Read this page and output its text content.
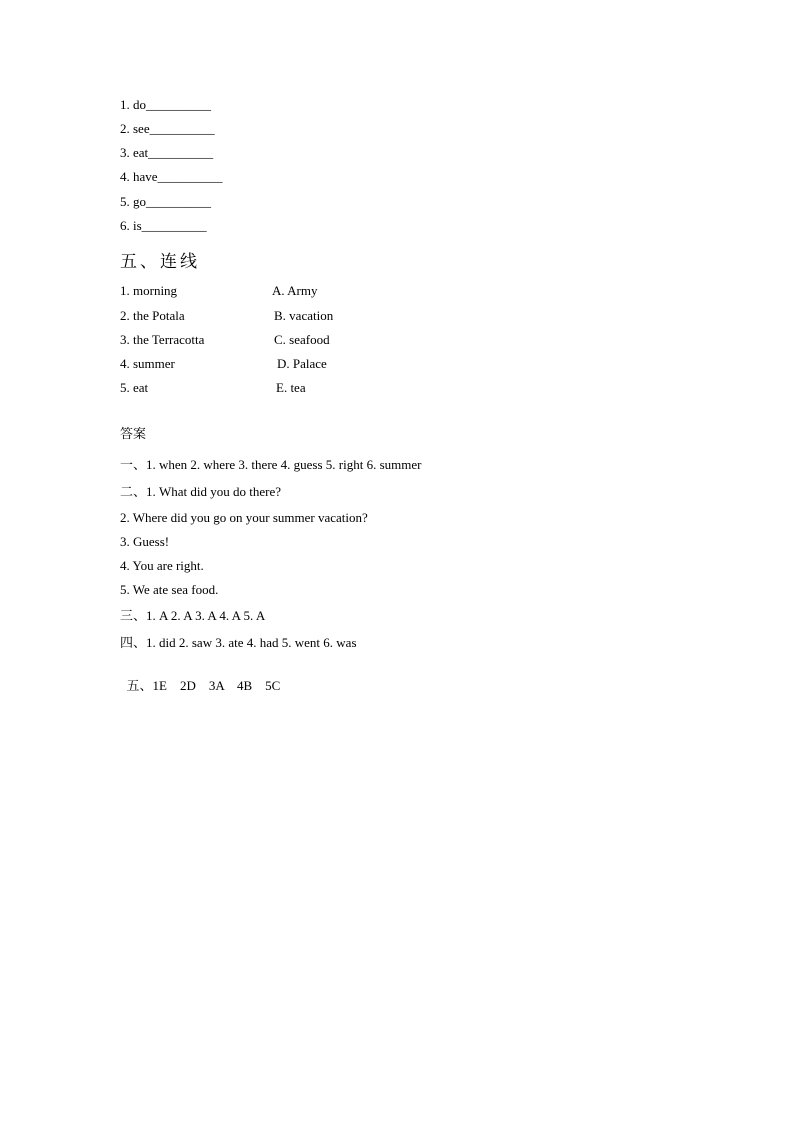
1. do__________
2. see__________
3. eat__________
4. have__________
5. go__________
6. is__________
五、连线
1. morning	A. Army
2. the Potala	B. vacation
3. the Terracotta	C. seafood
4. summer	D. Palace
5. eat	E. tea
答案
一、1. when 2. where 3. there 4. guess 5. right 6. summer
二、1. What did you do there?
2. Where did you go on your summer vacation?
3. Guess!
4. You are right.
5. We ate sea food.
三、1. A 2. A 3. A 4. A 5. A
四、1. did 2. saw 3. ate 4. had 5. went 6. was

五、1E    2D    3A    4B    5C
